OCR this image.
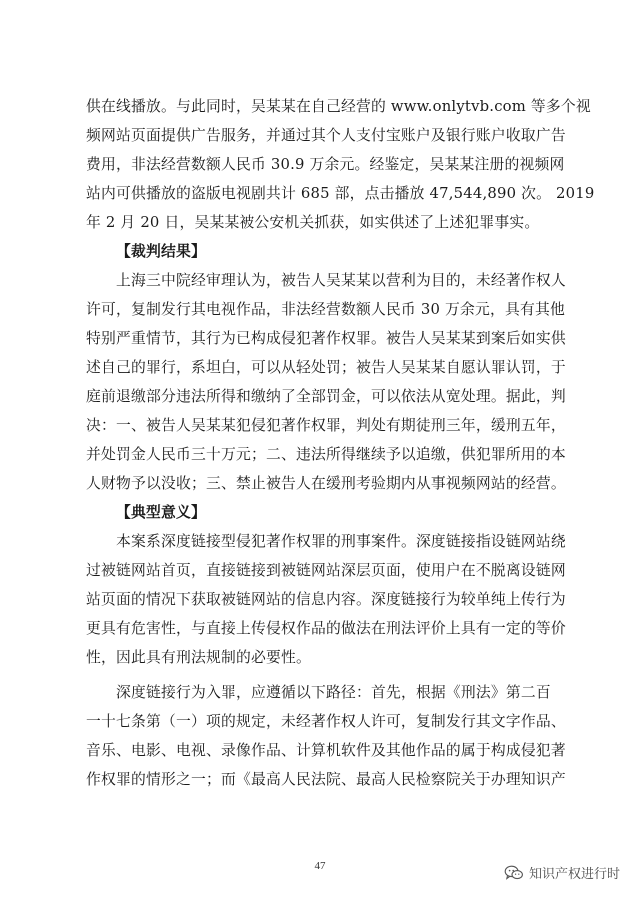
供在线播放。与此同时，吴某某在自己经营的 www.onlytvb.com 等多个视
频网站页面提供广告服务，并通过其个人支付宝账户及银行账户收取广告
费用，非法经营数额人民币 30.9 万余元。经鉴定，吴某某注册的视频网
站内可供播放的盗版电视剧共计 685 部，点击播放 47,544,890 次。 2019
年 2 月 20 日，吴某某被公安机关抓获，如实供述了上述犯罪事实。
【裁判结果】
上海三中院经审理认为，被告人吴某某以营利为目的，未经著作权人
许可，复制发行其电视作品，非法经营数额人民币 30 万余元，具有其他
特别严重情节，其行为已构成侵犯著作权罪。被告人吴某某到案后如实供
述自己的罪行，系坦白，可以从轻处罚；被告人吴某某自愿认罪认罚，于
庭前退缴部分违法所得和缴纳了全部罚金，可以依法从宽处理。据此，判
决：一、被告人吴某某犯侵犯著作权罪，判处有期徒刑三年，缓刑五年，
并处罚金人民币三十万元；二、违法所得继续予以追缴，供犯罪所用的本
人财物予以没收；三、禁止被告人在缓刑考验期内从事视频网站的经营。
【典型意义】
本案系深度链接型侵犯著作权罪的刑事案件。深度链接指设链网站绕
过被链网站首页，直接链接到被链网站深层页面，使用户在不脱离设链网
站页面的情况下获取被链网站的信息内容。深度链接行为较单纯上传行为
更具有危害性，与直接上传侵权作品的做法在刑法评价上具有一定的等价
性，因此具有刑法规制的必要性。
深度链接行为入罪，应遵循以下路径：首先，根据《刑法》第二百
一十七条第（一）项的规定，未经著作权人许可，复制发行其文字作品、
音乐、电影、电视、录像作品、计算机软件及其他作品的属于构成侵犯著
作权罪的情形之一；而《最高人民法院、最高人民检察院关于办理知识产
47
知识产权进行时
